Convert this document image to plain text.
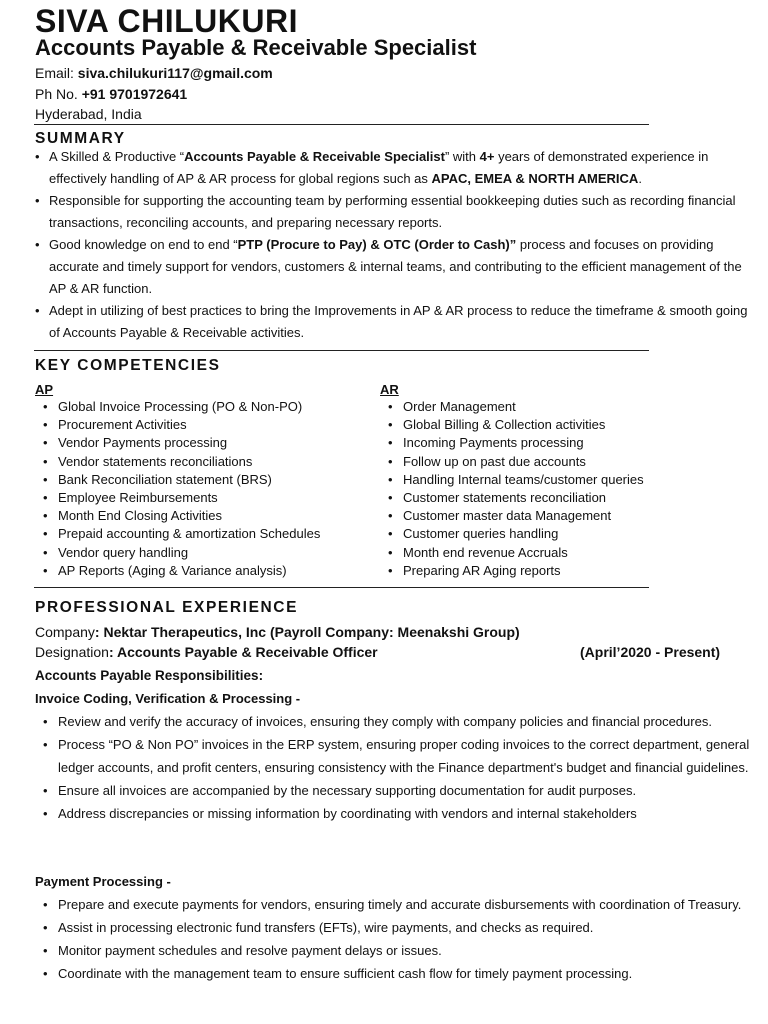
SIVA CHILUKURI
Accounts Payable & Receivable Specialist

Email: siva.chilukuri117@gmail.com

Ph No. +91 9701972641

Hyderabad, India

SUMMARY
• A Skilled & Productive “Accounts Payable & Receivable Specialist” with 4+ years of demonstrated experience in effectively handling of AP & AR process for global regions such as APAC, EMEA & NORTH AMERICA.
• Responsible for supporting the accounting team by performing essential bookkeeping duties such as recording financial transactions, reconciling accounts, and preparing necessary reports.
• Good knowledge on end to end “PTP (Procure to Pay) & OTC (Order to Cash)” process and focuses on providing accurate and timely support for vendors, customers & internal teams, and contributing to the efficient management of the AP & AR function.
• Adept in utilizing of best practices to bring the Improvements in AP & AR process to reduce the timeframe & smooth going of Accounts Payable & Receivable activities.
KEY COMPETENCIES

AP	AR

• Global Invoice Processing (PO & Non-PO)
• Procurement Activities
• Vendor Payments processing
• Vendor statements reconciliations
• Bank Reconciliation statement (BRS)
• Employee Reimbursements
• Month End Closing Activities
• Prepaid accounting & amortization Schedules
• Vendor query handling
• AP Reports (Aging & Variance analysis)
• Order Management
• Global Billing & Collection activities
• Incoming Payments processing
• Follow up on past due accounts
• Handling Internal teams/customer queries
• Customer statements reconciliation
• Customer master data Management
• Customer queries handling
• Month end revenue Accruals
• Preparing AR Aging reports
PROFESSIONAL EXPERIENCE

Company: Nektar Therapeutics, Inc (Payroll Company: Meenakshi Group)

Designation: Accounts Payable & Receivable Officer	(April’2020 - Present)

Accounts Payable Responsibilities:

Invoice Coding, Verification & Processing -

• Review and verify the accuracy of invoices, ensuring they comply with company policies and financial procedures.
• Process “PO & Non PO” invoices in the ERP system, ensuring proper coding invoices to the correct department, general ledger accounts, and profit centers, ensuring consistency with the Finance department's budget and financial guidelines.
• Ensure all invoices are accompanied by the necessary supporting documentation for audit purposes.
• Address discrepancies or missing information by coordinating with vendors and internal stakeholders

Payment Processing -

• Prepare and execute payments for vendors, ensuring timely and accurate disbursements with coordination of Treasury.
• Assist in processing electronic fund transfers (EFTs), wire payments, and checks as required.
• Monitor payment schedules and resolve payment delays or issues.
• Coordinate with the management team to ensure sufficient cash flow for timely payment processing.
